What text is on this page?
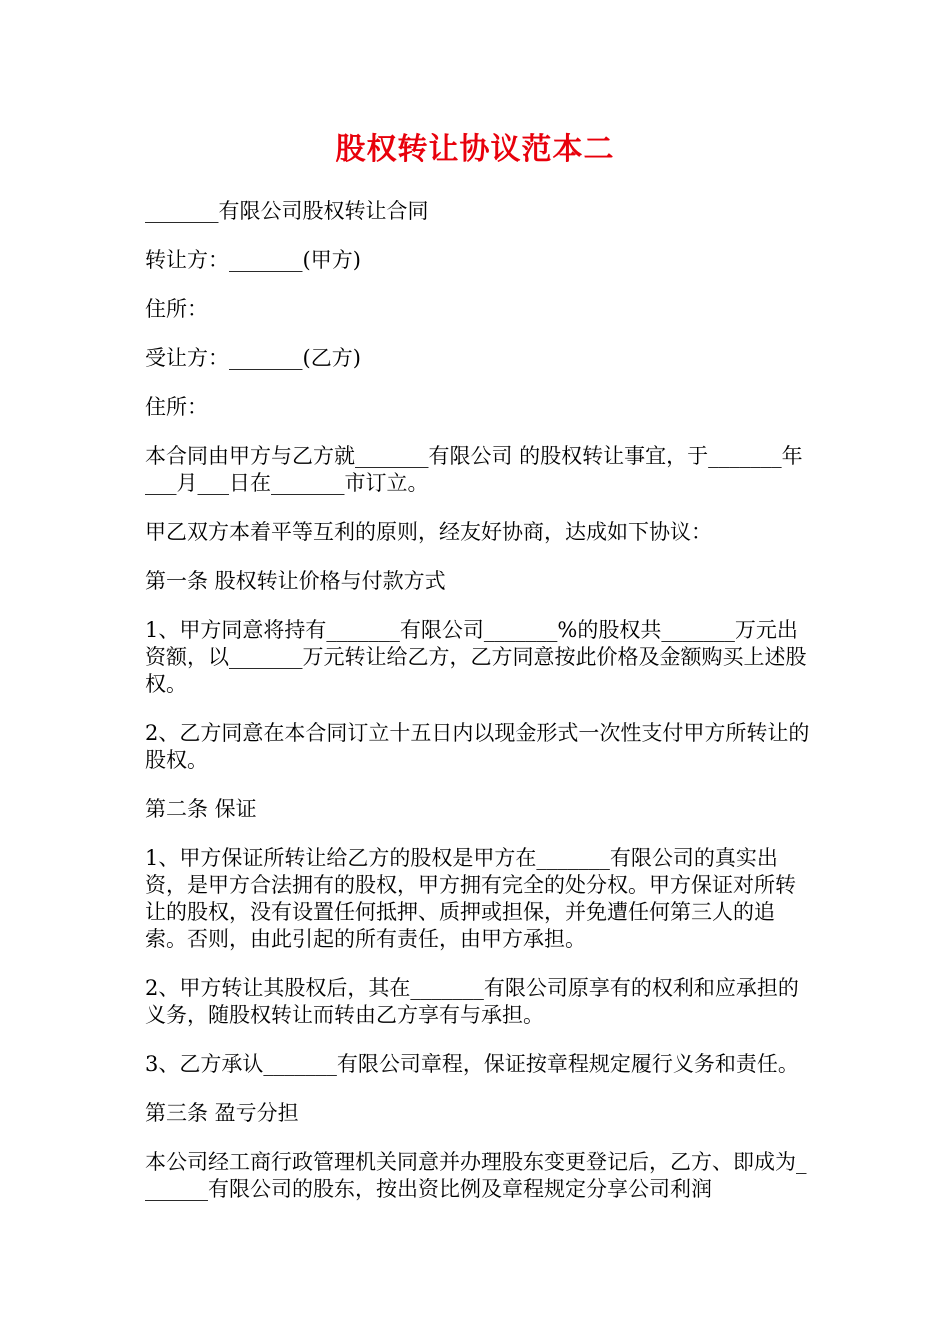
股权转让协议范本二

_______有限公司股权转让合同

转让方：_______(甲方)

住所：

受让方：_______(乙方)

住所：

本合同由甲方与乙方就_______有限公司 的股权转让事宜，于_______年___月___日在_______市订立。

甲乙双方本着平等互利的原则，经友好协商，达成如下协议：

第一条 股权转让价格与付款方式

1、甲方同意将持有_______有限公司_______%的股权共_______万元出资额，以_______万元转让给乙方，乙方同意按此价格及金额购买上述股权。

2、乙方同意在本合同订立十五日内以现金形式一次性支付甲方所转让的股权。

第二条 保证

1、甲方保证所转让给乙方的股权是甲方在_______有限公司的真实出资，是甲方合法拥有的股权，甲方拥有完全的处分权。甲方保证对所转让的股权，没有设置任何抵押、质押或担保，并免遭任何第三人的追索。否则，由此引起的所有责任，由甲方承担。

2、甲方转让其股权后，其在_______有限公司原享有的权利和应承担的义务，随股权转让而转由乙方享有与承担。

3、乙方承认_______有限公司章程，保证按章程规定履行义务和责任。

第三条 盈亏分担

本公司经工商行政管理机关同意并办理股东变更登记后，乙方、即成为_______有限公司的股东，按出资比例及章程规定分享公司利润
